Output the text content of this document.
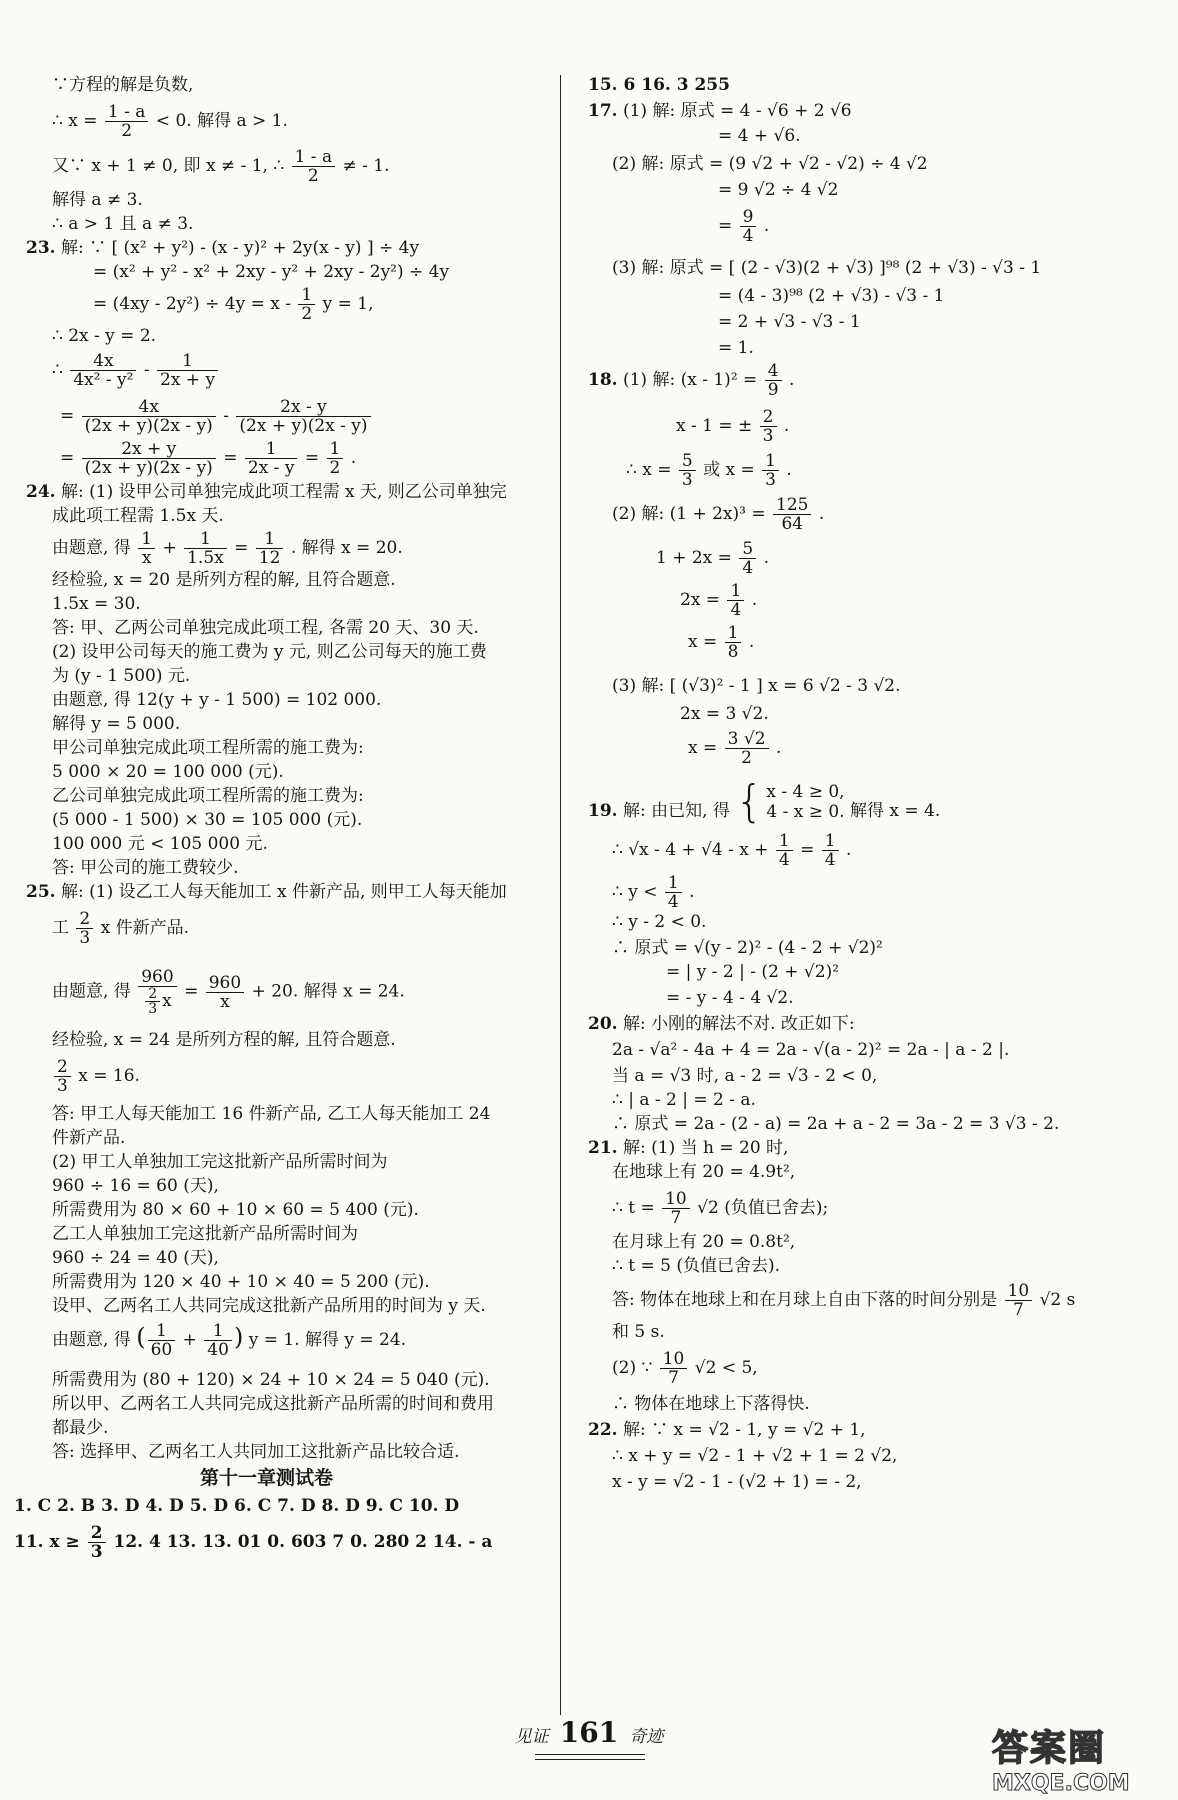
∵方程的解是负数,
∴ $x = \frac{1 - a}{2} < 0$. 解得 a > 1.
又∵ x + 1 ≠ 0, 即 x ≠ - 1, ∴ $\frac{1 - a}{2}$ ≠ - 1.
解得 a ≠ 3.
∴ a > 1 且 a ≠ 3.
23. 解: ∵ [ (x² + y²) - (x - y)² + 2y(x - y) ] ÷ 4y
= (x² + y² - x² + 2xy - y² + 2xy - 2y²) ÷ 4y
= $(4xy - 2y^2) \div 4y = x - \frac{1}{2}$ y = 1,
∴ 2x - y = 2.
∴ $\frac{4x}{\text{4x² - y²}} - \frac{1}{2x + y}$
= $\frac{4x}{(2x + y)(2x - y)} - \frac{2x - y}{(2x + y)(2x - y)}$
= $\frac{2x + y}{(2x + y)(2x - y)} = \frac{1}{2x - y} = \frac{1}{2}$ .
24. 解: (1) 设甲公司单独完成此项工程需 x 天, 则乙公司单独完
成此项工程需 1.5x 天.
由题意, 得 $\frac{1}{x} + \frac{1}{1.5x} = \frac{1}{12}$ . 解得 x = 20.
经检验, x = 20 是所列方程的解, 且符合题意.
1.5x = 30.
答: 甲、乙两公司单独完成此项工程, 各需 20 天、30 天.
(2) 设甲公司每天的施工费为 y 元, 则乙公司每天的施工费
为 (y - 1 500) 元.
由题意, 得 12(y + y - 1 500) = 102 000.
解得 y = 5 000.
甲公司单独完成此项工程所需的施工费为:
5 000 × 20 = 100 000 (元).
乙公司单独完成此项工程所需的施工费为:
(5 000 - 1 500) × 30 = 105 000 (元).
100 000 元 < 105 000 元.
答: 甲公司的施工费较少.
25. 解: (1) 设乙工人每天能加工 x 件新产品, 则甲工人每天能加
工 $\frac{2}{3}$ x 件新产品.
由题意, 得 $\frac{960}{\frac{2}{3} x} = \frac{960}{x} + 20$. 解得 x = 24.
经检验, x = 24 是所列方程的解, 且符合题意.
$\frac{2}{3}$ x = 16.
答: 甲工人每天能加工 16 件新产品, 乙工人每天能加工 24
件新产品.
(2) 甲工人单独加工完这批新产品所需时间为
960 ÷ 16 = 60 (天),
所需费用为 80 × 60 + 10 × 60 = 5 400 (元).
乙工人单独加工完这批新产品所需时间为
960 ÷ 24 = 40 (天),
所需费用为 120 × 40 + 10 × 40 = 5 200 (元).
设甲、乙两名工人共同完成这批新产品所用的时间为 y 天.
由题意, 得 ( $\frac{1}{60} + \frac{1}{40}$ ) y = 1. 解得 y = 24.
所需费用为 (80 + 120) × 24 + 10 × 24 = 5 040 (元).
所以甲、乙两名工人共同完成这批新产品所需的时间和费用
都最少.
答: 选择甲、乙两名工人共同加工这批新产品比较合适.
第十一章测试卷
1. C 2. B 3. D 4. D 5. D 6. C 7. D 8. D 9. C 10. D
11. $x \ge \frac{2}{3} 12$. 4 13. 13. 01 0. 603 7 0. 280 2 14. - a
15. 6 16. 3 255
17. (1) 解: 原式 = 4 - √6 + 2 √6
= 4 + √6.
(2) 解: 原式 = (9 √2 + √2 - √2) ÷ 4 √2
= 9 √2 ÷ 4 √2
= $\frac{9}{4}$ .
(3) 解: 原式 = [ (2 - √3)(2 + √3) ]⁹⁸ (2 + √3) - √3 - 1
= (4 - 3)⁹⁸ (2 + √3) - √3 - 1
= 2 + √3 - √3 - 1
= 1.
18. (1) 解: $(x - 1)^2 = \frac{4}{9}$ .
x - 1 = ± $\frac{2}{3}$ .
∴ $x = \frac{5}{3}$ 或 $x = \frac{1}{3}$ .
(2) 解: $(1 + 2x)^3 = \frac{125}{64}$ .
$1 + 2x = \frac{5}{4}$ .
$2x = \frac{1}{4}$ .
$x = \frac{1}{8}$ .
(3) 解: [ (√3)² - 1 ] x = 6 √2 - 3 √2.
2x = 3 √2.
$x = \frac{3 √2}{2}$ .
19. 解: 由已知, 得 { x - 4 ≥ 0,
4 - x ≥ 0. 解得 x = 4.
∴ $√x - 4 + √4 - x + \frac{1}{4} = \frac{1}{4}$ .
∴ $y < \frac{1}{4}$ .
∴ y - 2 < 0.
∴ 原式 = √(y - 2)² - (4 - 2 + √2)²
= | y - 2 | - (2 + √2)²
= - y - 4 - 4 √2.
20. 解: 小刚的解法不对. 改正如下:
2a - √a² - 4a + 4 = 2a - √(a - 2)² = 2a - | a - 2 |.
当 a = √3 时, a - 2 = √3 - 2 < 0,
∴ | a - 2 | = 2 - a.
∴ 原式 = 2a - (2 - a) = 2a + a - 2 = 3a - 2 = 3 √3 - 2.
21. 解: (1) 当 h = 20 时,
在地球上有 20 = 4.9t²,
∴ $t = \frac{10}{7} √2$ (负值已舍去);
在月球上有 20 = 0.8t²,
∴ t = 5 (负值已舍去).
答: 物体在地球上和在月球上自由下落的时间分别是 $\frac{10}{7} √2$ s
和 5 s.
(2) ∵ $\frac{10}{7} √2 < 5$,
∴ 物体在地球上下落得快.
22. 解: ∵ x = √2 - 1, y = √2 + 1,
∴ x + y = √2 - 1 + √2 + 1 = 2 √2,
x - y = √2 - 1 - (√2 + 1) = - 2,
见证 161 奇迹	答案圈
MXQE.COM
